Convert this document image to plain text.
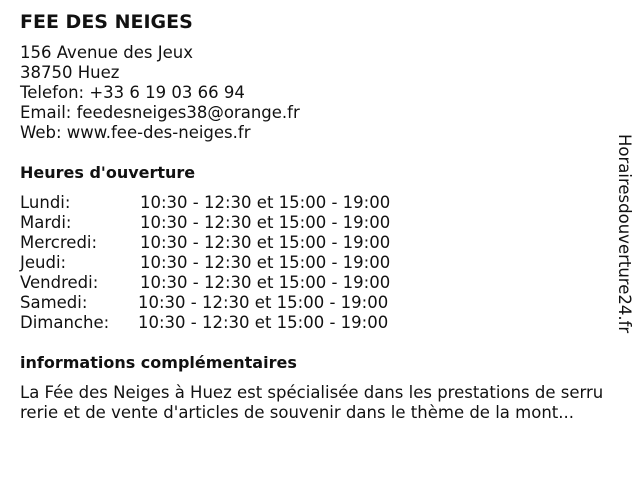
FEE DES NEIGES
156 Avenue des Jeux
38750 Huez
Telefon: +33 6 19 03 66 94
Email: feedesneiges38@orange.fr
Web: www.fee-des-neiges.fr
Heures d'ouverture
Lundi:	10:30 - 12:30 et 15:00 - 19:00
Mardi:	10:30 - 12:30 et 15:00 - 19:00
Mercredi:	10:30 - 12:30 et 15:00 - 19:00
Jeudi:	10:30 - 12:30 et 15:00 - 19:00
Vendredi:	10:30 - 12:30 et 15:00 - 19:00
Samedi:	10:30 - 12:30 et 15:00 - 19:00
Dimanche: 10:30 - 12:30 et 15:00 - 19:00
informations complémentaires
La Fée des Neiges à Huez est spécialisée dans les prestations de serru
rerie et de vente d'articles de souvenir dans le thème de la mont...
Horairesdouverture24.fr
